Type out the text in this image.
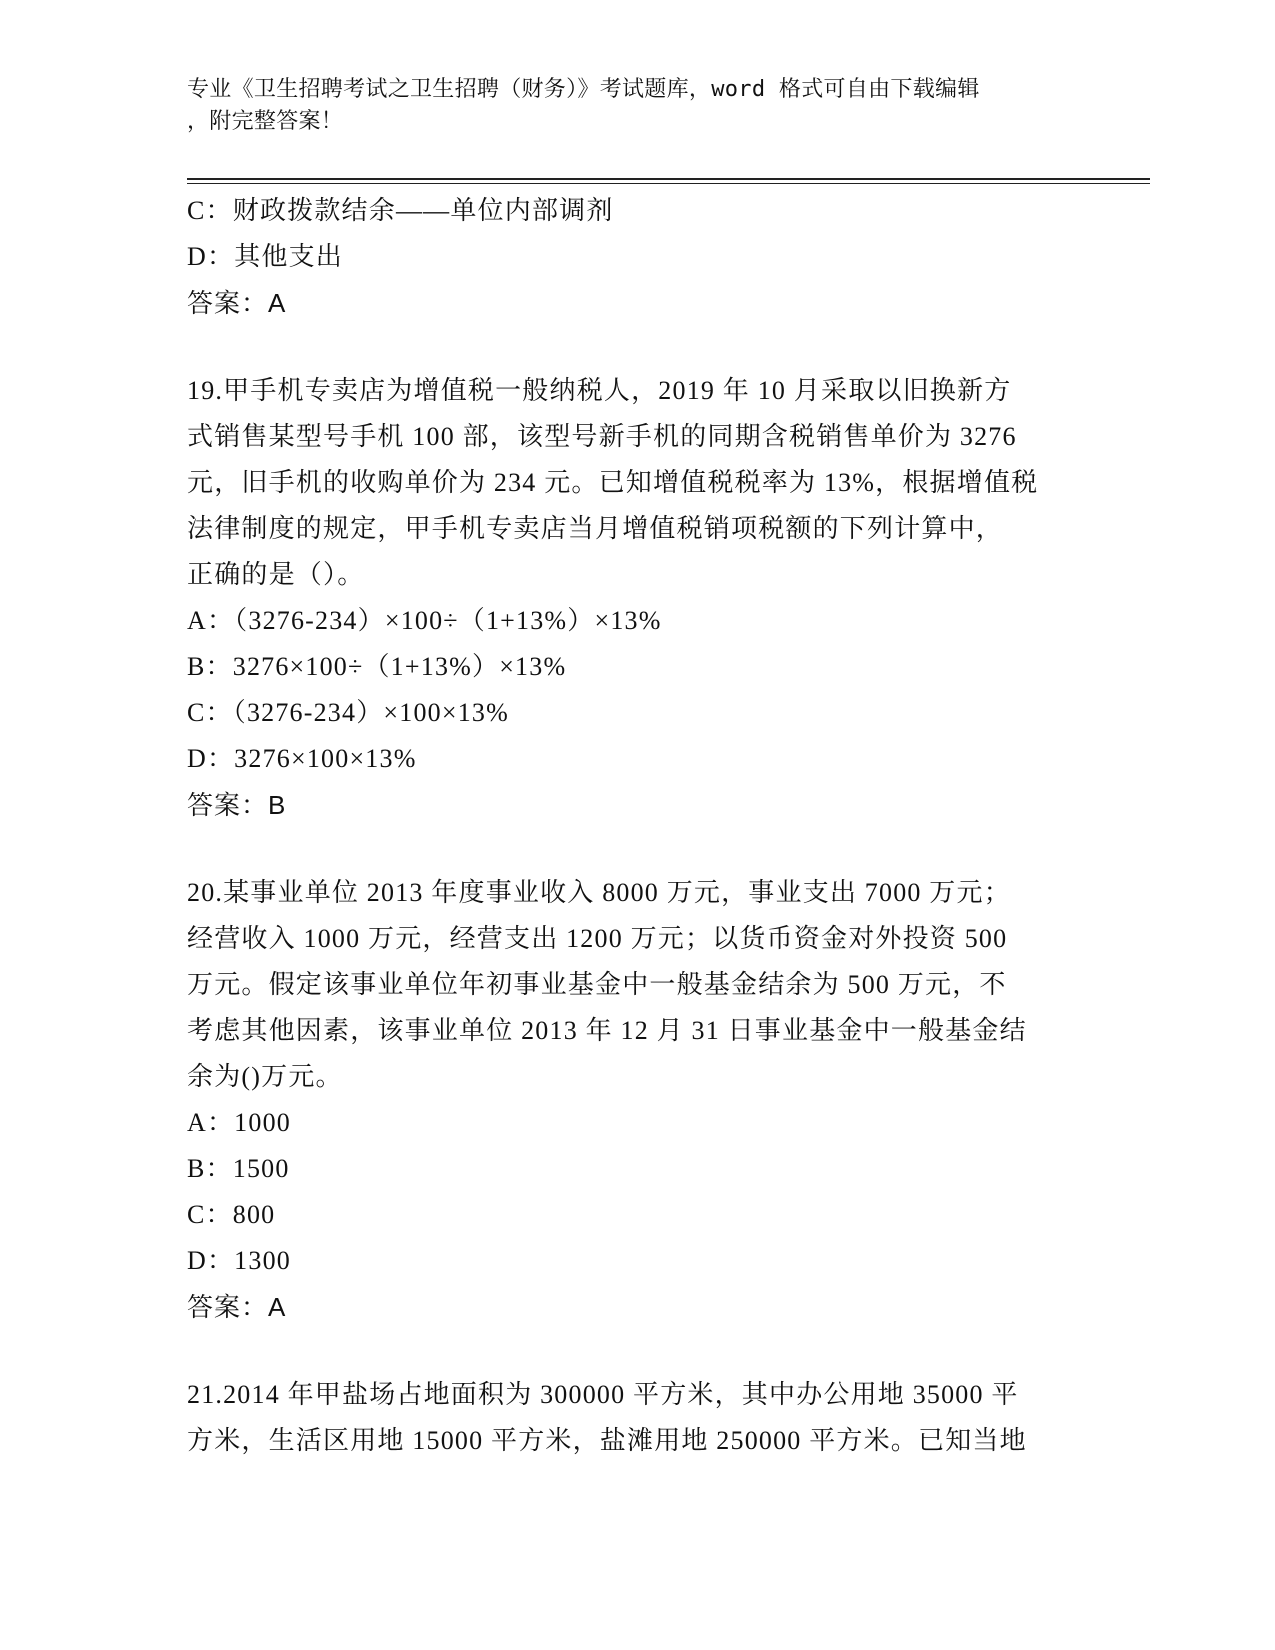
专业《卫生招聘考试之卫生招聘（财务）》考试题库，word 格式可自由下载编辑
，附完整答案！
C：财政拨款结余——单位内部调剂
D：其他支出
答案：A
19.甲手机专卖店为增值税一般纳税人，2019 年 10 月采取以旧换新方
式销售某型号手机 100 部，该型号新手机的同期含税销售单价为 3276
元，旧手机的收购单价为 234 元。已知增值税税率为 13%，根据增值税
法律制度的规定，甲手机专卖店当月增值税销项税额的下列计算中，
正确的是（）。
A：（3276-234）×100÷（1+13%）×13%
B：3276×100÷（1+13%）×13%
C：（3276-234）×100×13%
D：3276×100×13%
答案：B
20.某事业单位 2013 年度事业收入 8000 万元，事业支出 7000 万元；
经营收入 1000 万元，经营支出 1200 万元；以货币资金对外投资 500
万元。假定该事业单位年初事业基金中一般基金结余为 500 万元，不
考虑其他因素，该事业单位 2013 年 12 月 31 日事业基金中一般基金结
余为()万元。
A：1000
B：1500
C：800
D：1300
答案：A
21.2014 年甲盐场占地面积为 300000 平方米，其中办公用地 35000 平
方米，生活区用地 15000 平方米，盐滩用地 250000 平方米。已知当地
